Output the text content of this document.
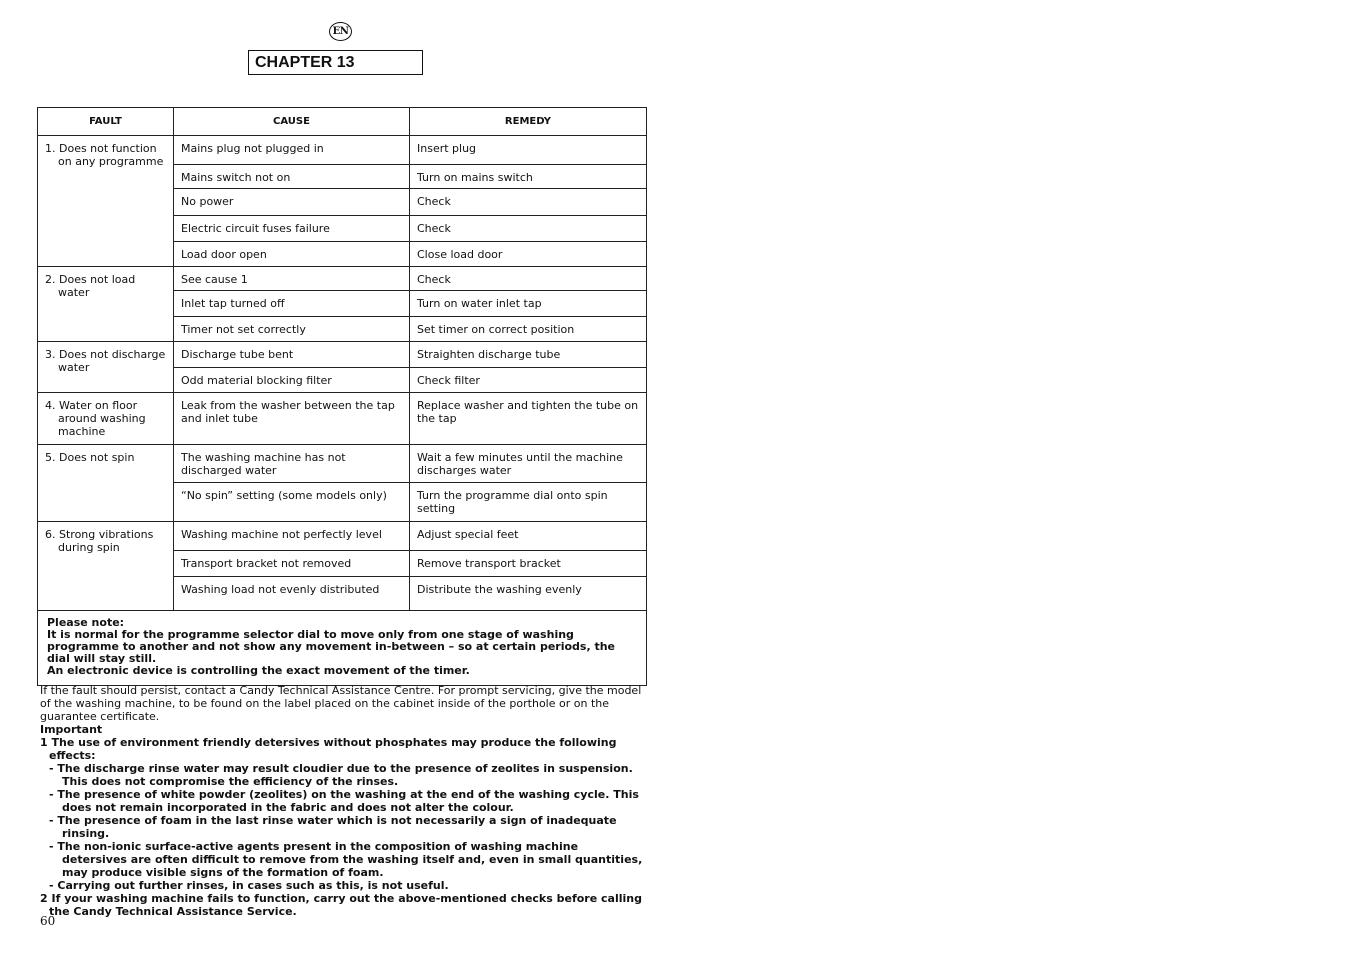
EN
CHAPTER 13
FAULT	CAUSE	REMEDY

1. Does not function on any programme	Mains plug not plugged in	Insert plug
	Mains switch not on	Turn on mains switch
	No power	Check
	Electric circuit fuses failure	Check
	Load door open	Close load door

2. Does not load water	See cause 1	Check
	Inlet tap turned off	Turn on water inlet tap
	Timer not set correctly	Set timer on correct position

3. Does not discharge water	Discharge tube bent	Straighten discharge tube
	Odd material blocking filter	Check filter

4. Water on floor around washing machine	Leak from the washer between the tap and inlet tube	Replace washer and tighten the tube on the tap

5. Does not spin	The washing machine has not discharged water	Wait a few minutes until the machine discharges water
	“No spin” setting (some models only)	Turn the programme dial onto spin setting

6. Strong vibrations during spin	Washing machine not perfectly level	Adjust special feet
	Transport bracket not removed	Remove transport bracket
	Washing load not evenly distributed	Distribute the washing evenly

Please note:
It is normal for the programme selector dial to move only from one stage of washing programme to another and not show any movement in-between – so at certain periods, the dial will stay still.
An electronic device is controlling the exact movement of the timer.		

If the fault should persist, contact a Candy Technical Assistance Centre. For prompt servicing, give the model of the washing machine, to be found on the label placed on the cabinet inside of the porthole or on the guarantee certificate.

Important

1 The use of environment friendly detersives without phosphates may produce the following effects:
- The discharge rinse water may result cloudier due to the presence of zeolites in suspension. This does not compromise the efficiency of the rinses.
- The presence of white powder (zeolites) on the washing at the end of the washing cycle. This does not remain incorporated in the fabric and does not alter the colour.
- The presence of foam in the last rinse water which is not necessarily a sign of inadequate rinsing.
- The non-ionic surface-active agents present in the composition of washing machine detersives are often difficult to remove from the washing itself and, even in small quantities, may produce visible signs of the formation of foam.
- Carrying out further rinses, in cases such as this, is not useful.
2 If your washing machine fails to function, carry out the above-mentioned checks before calling the Candy Technical Assistance Service.
60
